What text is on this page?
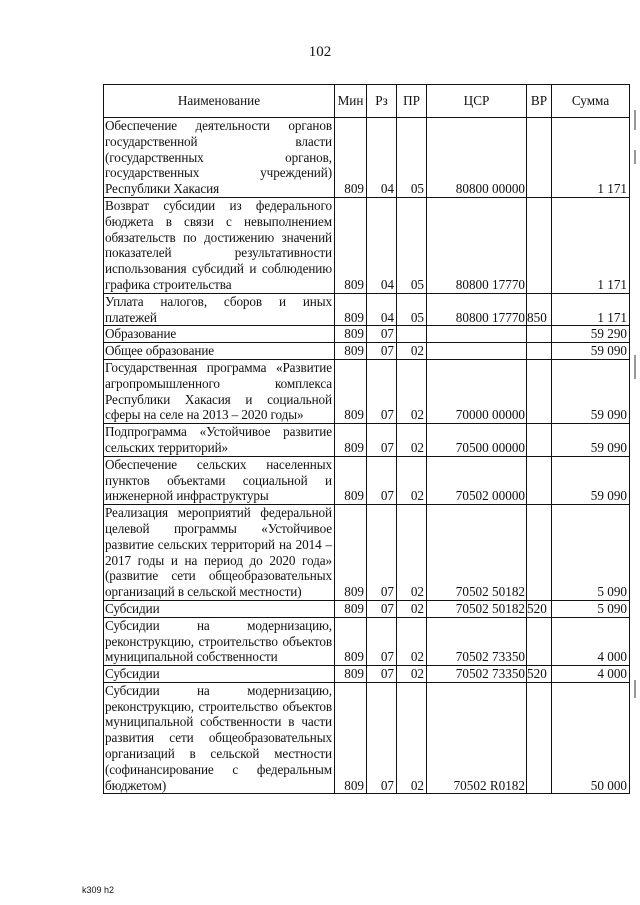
102
Наименование	Мин	Рз	ПР	ЦСР	ВР	Сумма
Обеспечение деятельности органов государственной власти (государственных органов, государственных учреждений) Республики Хакасия	809	04	05	80800 00000		1 171
Возврат субсидии из федерального бюджета в связи с невыполнением обязательств по достижению значений показателей результативности использования субсидий и соблюдению графика строительства	809	04	05	80800 17770		1 171
Уплата налогов, сборов и иных платежей	809	04	05	80800 17770	850	1 171
Образование	809	07				59 290
Общее образование	809	07	02			59 090
Государственная программа «Развитие агропромышленного комплекса Республики Хакасия и социальной сферы на селе на 2013 – 2020 годы»	809	07	02	70000 00000		59 090
Подпрограмма «Устойчивое развитие сельских территорий»	809	07	02	70500 00000		59 090
Обеспечение сельских населенных пунктов объектами социальной и инженерной инфраструктуры	809	07	02	70502 00000		59 090
Реализация мероприятий федеральной целевой программы «Устойчивое развитие сельских территорий на 2014 – 2017 годы и на период до 2020 года» (развитие сети общеобразовательных организаций в сельской местности)	809	07	02	70502 50182		5 090
Субсидии	809	07	02	70502 50182	520	5 090
Субсидии на модернизацию, реконструкцию, строительство объектов муниципальной собственности	809	07	02	70502 73350		4 000
Субсидии	809	07	02	70502 73350	520	4 000
Субсидии на модернизацию, реконструкцию, строительство объектов муниципальной собственности в части развития сети общеобразовательных организаций в сельской местности (софинансирование с федеральным бюджетом)	809	07	02	70502 R0182		50 000
k309 h2
